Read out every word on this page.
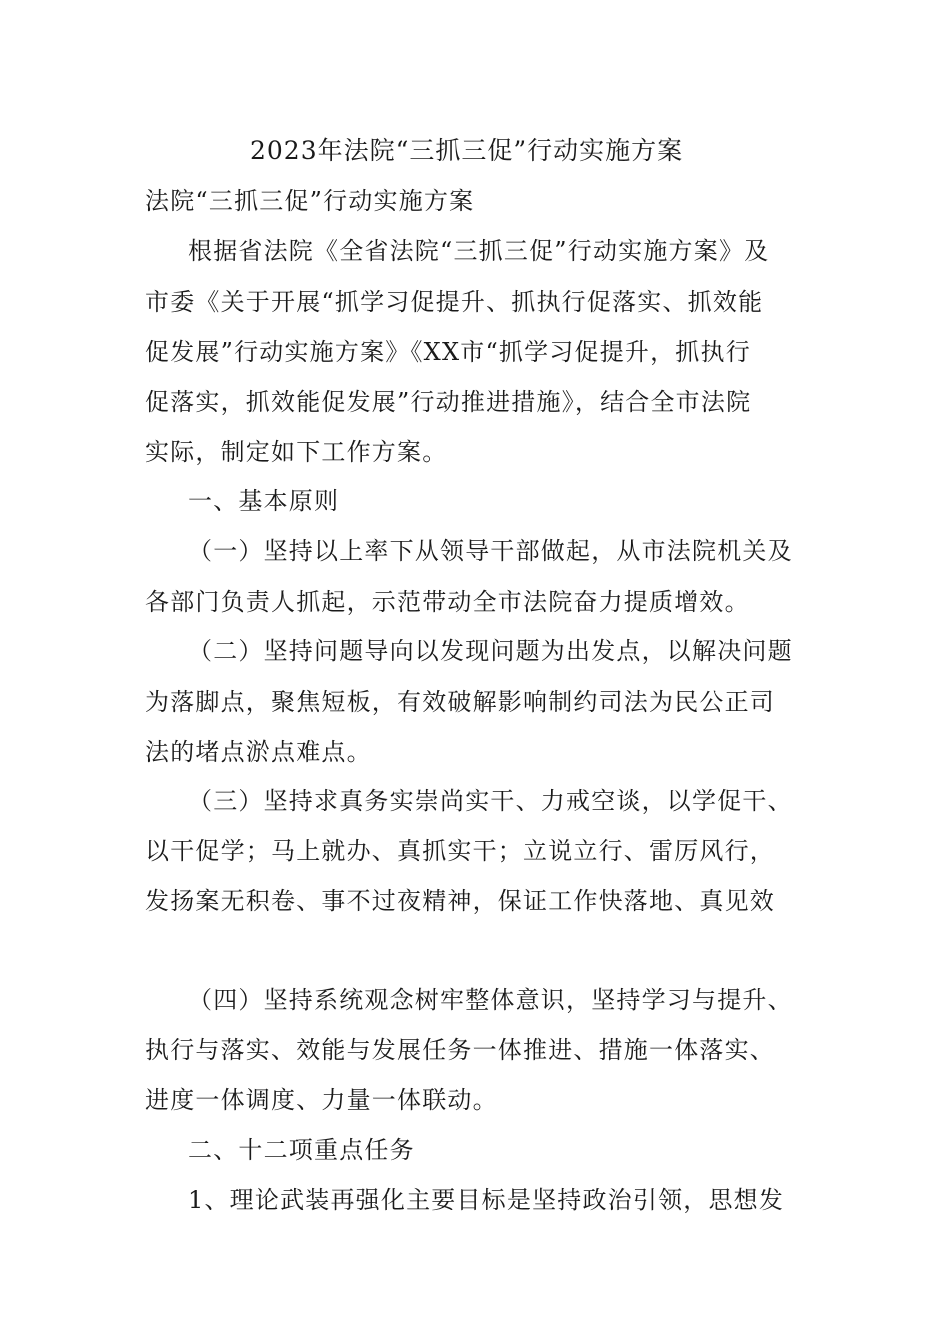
2023年法院“三抓三促”行动实施方案
法院“三抓三促”行动实施方案
根据省法院《全省法院“三抓三促”行动实施方案》及
市委《关于开展“抓学习促提升、抓执行促落实、抓效能
促发展”行动实施方案》《XX市“抓学习促提升，抓执行
促落实，抓效能促发展”行动推进措施》，结合全市法院
实际，制定如下工作方案。
一、基本原则
（一）坚持以上率下从领导干部做起，从市法院机关及
各部门负责人抓起，示范带动全市法院奋力提质增效。
（二）坚持问题导向以发现问题为出发点，以解决问题
为落脚点，聚焦短板，有效破解影响制约司法为民公正司
法的堵点淤点难点。
（三）坚持求真务实崇尚实干、力戒空谈，以学促干、
以干促学；马上就办、真抓实干；立说立行、雷厉风行，
发扬案无积卷、事不过夜精神，保证工作快落地、真见效
（四）坚持系统观念树牢整体意识，坚持学习与提升、
执行与落实、效能与发展任务一体推进、措施一体落实、
进度一体调度、力量一体联动。
二、十二项重点任务
1、理论武装再强化主要目标是坚持政治引领，思想发
